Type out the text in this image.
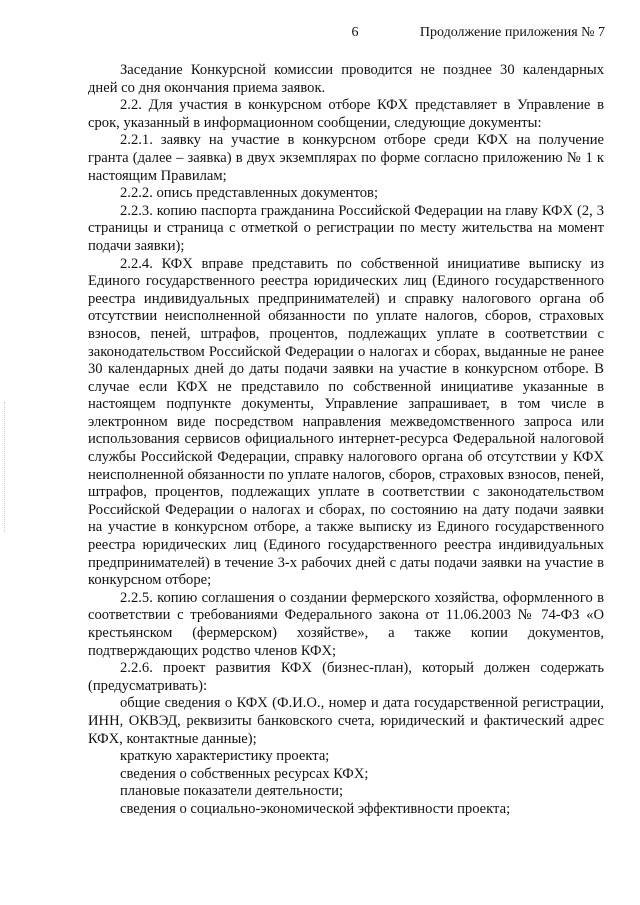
6	Продолжение приложения № 7

Заседание Конкурсной комиссии проводится не позднее 30 календарных дней со дня окончания приема заявок.

2.2. Для участия в конкурсном отборе КФХ представляет в Управление в срок, указанный в информационном сообщении, следующие документы:

2.2.1. заявку на участие в конкурсном отборе среди КФХ на получение гранта (далее – заявка) в двух экземплярах по форме согласно приложению № 1 к настоящим Правилам;

2.2.2. опись представленных документов;

2.2.3. копию паспорта гражданина Российской Федерации на главу КФХ (2, 3 страницы и страница с отметкой о регистрации по месту жительства на момент подачи заявки);

2.2.4. КФХ вправе представить по собственной инициативе выписку из Единого государственного реестра юридических лиц (Единого государственного реестра индивидуальных предпринимателей) и справку налогового органа об отсутствии неисполненной обязанности по уплате налогов, сборов, страховых взносов, пеней, штрафов, процентов, подлежащих уплате в соответствии с законодательством Российской Федерации о налогах и сборах, выданные не ранее 30 календарных дней до даты подачи заявки на участие в конкурсном отборе. В случае если КФХ не представило по собственной инициативе указанные в настоящем подпункте документы, Управление запрашивает, в том числе в электронном виде посредством направления межведомственного запроса или использования сервисов официального интернет-ресурса Федеральной налоговой службы Российской Федерации, справку налогового органа об отсутствии у КФХ неисполненной обязанности по уплате налогов, сборов, страховых взносов, пеней, штрафов, процентов, подлежащих уплате в соответствии с законодательством Российской Федерации о налогах и сборах, по состоянию на дату подачи заявки на участие в конкурсном отборе, а также выписку из Единого государственного реестра юридических лиц (Единого государственного реестра индивидуальных предпринимателей) в течение 3-х рабочих дней с даты подачи заявки на участие в конкурсном отборе;

2.2.5. копию соглашения о создании фермерского хозяйства, оформленного в соответствии с требованиями Федерального закона от 11.06.2003 № 74-ФЗ «О крестьянском (фермерском) хозяйстве», а также копии документов, подтверждающих родство членов КФХ;

2.2.6. проект развития КФХ (бизнес-план), который должен содержать (предусматривать):

общие сведения о КФХ (Ф.И.О., номер и дата государственной регистрации, ИНН, ОКВЭД, реквизиты банковского счета, юридический и фактический адрес КФХ, контактные данные);

краткую характеристику проекта;

сведения о собственных ресурсах КФХ;

плановые показатели деятельности;

сведения о социально-экономической эффективности проекта;
